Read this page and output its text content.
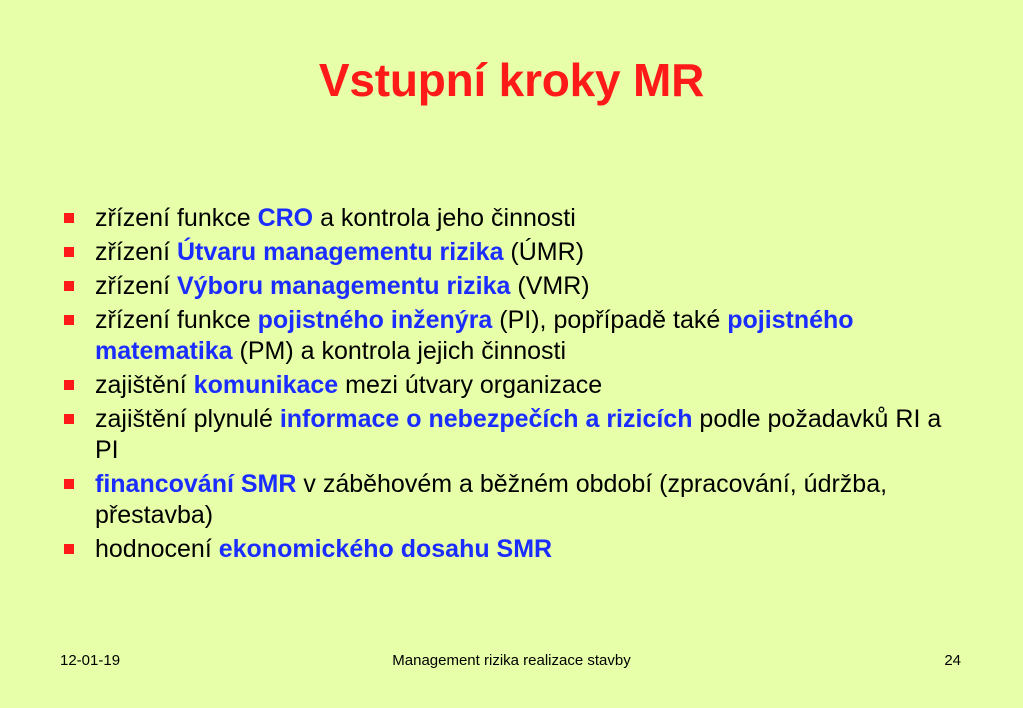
Vstupní kroky MR
zřízení funkce CRO a kontrola jeho činnosti
zřízení Útvaru managementu rizika (ÚMR)
zřízení Výboru managementu rizika (VMR)
zřízení funkce pojistného inženýra (PI), popřípadě také pojistného matematika (PM) a kontrola jejich činnosti
zajištění komunikace mezi útvary organizace
zajištění plynulé informace o nebezpečích a rizicích podle požadavků RI a PI
financování SMR v záběhovém a běžném období (zpracování, údržba, přestavba)
hodnocení ekonomického dosahu SMR
12-01-19	Management rizika realizace stavby	24
